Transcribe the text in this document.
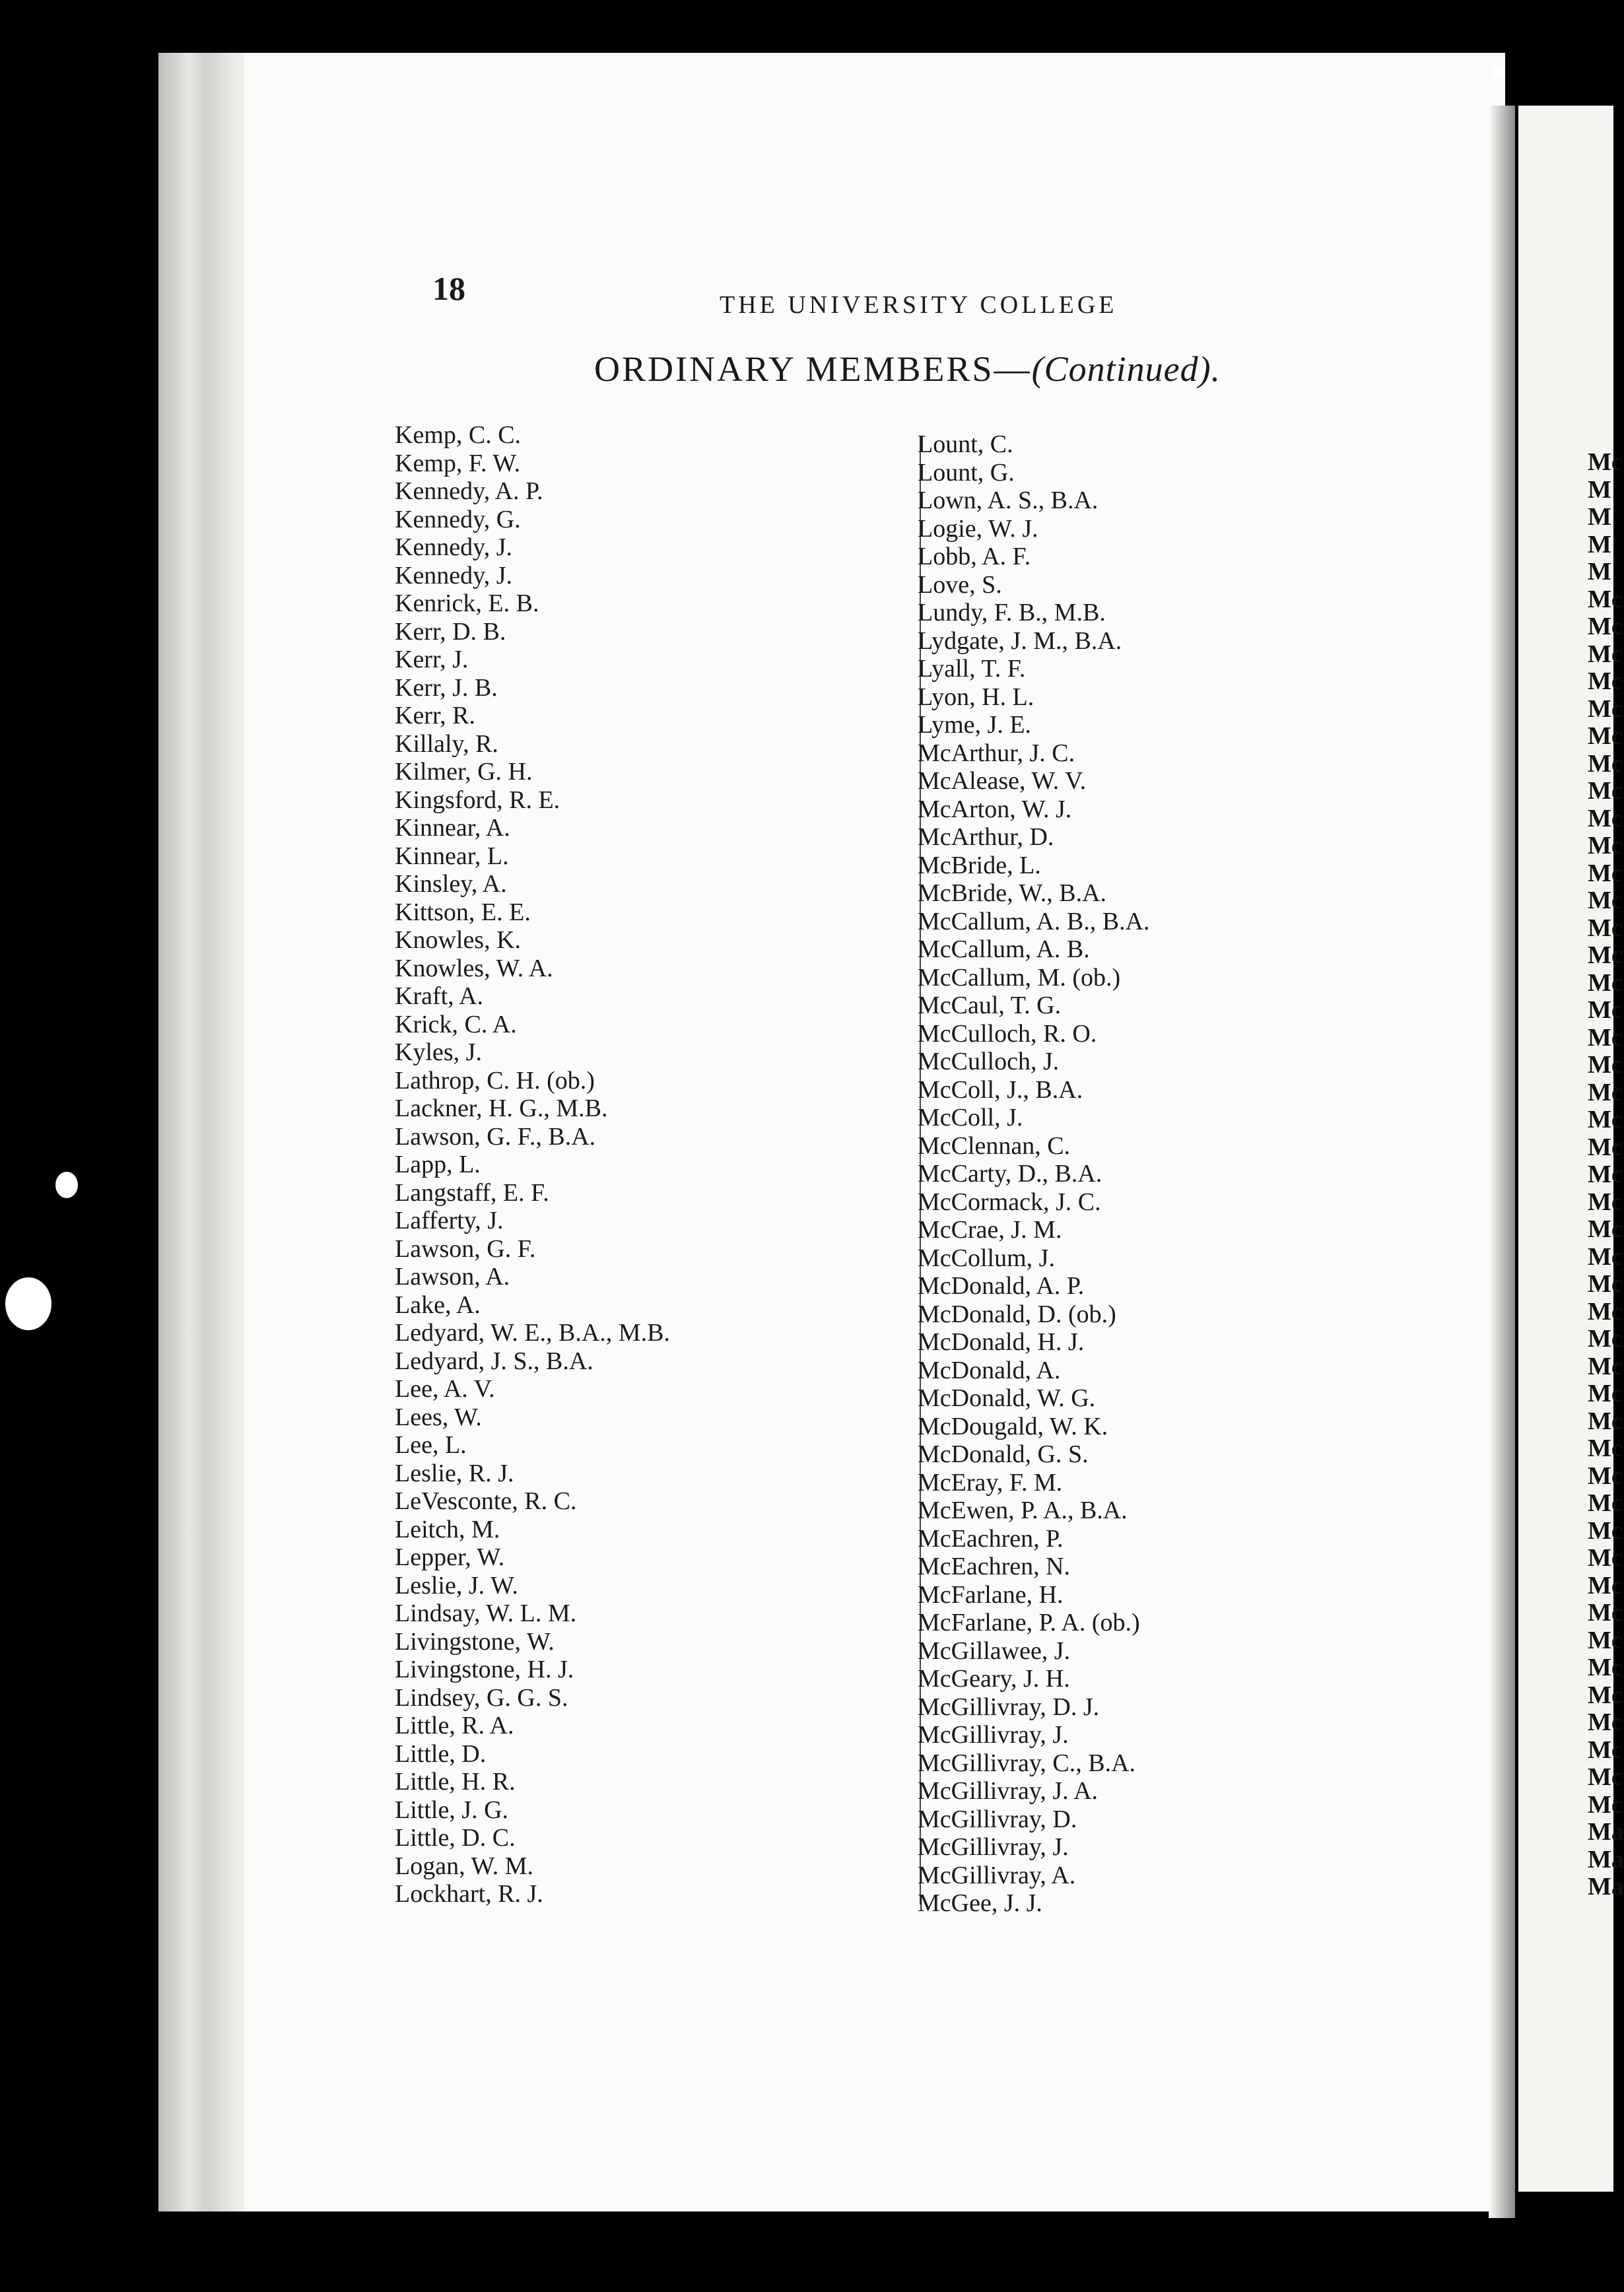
Mc
M
M
M
M
Mc
Mc
Mc
Mc
Mc
Mc
Mc
Mc
Mc
Mc
Mc
Mc
Mc
Mc
Mc
Mc
Mc
Mc
Mc
Mc
Mc
Mc
Mc
Mc
Mc
Mc
Mc
Mc
Mc
Mc
Mc
Mc
Mc
Mc
Mc
Mc
Mc
Mc
Mc
Mc
Mc
Mc
Mc
Mc
Mc
Ma
Ma
Ma
18	THE UNIVERSITY COLLEGE
ORDINARY MEMBERS—(Continued).
Kemp, C. C.
Kemp, F. W.
Kennedy, A. P.
Kennedy, G.
Kennedy, J.
Kennedy, J.
Kenrick, E. B.
Kerr, D. B.
Kerr, J.
Kerr, J. B.
Kerr, R.
Killaly, R.
Kilmer, G. H.
Kingsford, R. E.
Kinnear, A.
Kinnear, L.
Kinsley, A.
Kittson, E. E.
Knowles, K.
Knowles, W. A.
Kraft, A.
Krick, C. A.
Kyles, J.
Lathrop, C. H. (ob.)
Lackner, H. G., M.B.
Lawson, G. F., B.A.
Lapp, L.
Langstaff, E. F.
Lafferty, J.
Lawson, G. F.
Lawson, A.
Lake, A.
Ledyard, W. E., B.A., M.B.
Ledyard, J. S., B.A.
Lee, A. V.
Lees, W.
Lee, L.
Leslie, R. J.
LeVesconte, R. C.
Leitch, M.
Lepper, W.
Leslie, J. W.
Lindsay, W. L. M.
Livingstone, W.
Livingstone, H. J.
Lindsey, G. G. S.
Little, R. A.
Little, D.
Little, H. R.
Little, J. G.
Little, D. C.
Logan, W. M.
Lockhart, R. J.
Lount, C.
Lount, G.
Lown, A. S., B.A.
Logie, W. J.
Lobb, A. F.
Love, S.
Lundy, F. B., M.B.
Lydgate, J. M., B.A.
Lyall, T. F.
Lyon, H. L.
Lyme, J. E.
McArthur, J. C.
McAlease, W. V.
McArton, W. J.
McArthur, D.
McBride, L.
McBride, W., B.A.
McCallum, A. B., B.A.
McCallum, A. B.
McCallum, M. (ob.)
McCaul, T. G.
McCulloch, R. O.
McCulloch, J.
McColl, J., B.A.
McColl, J.
McClennan, C.
McCarty, D., B.A.
McCormack, J. C.
McCrae, J. M.
McCollum, J.
McDonald, A. P.
McDonald, D. (ob.)
McDonald, H. J.
McDonald, A.
McDonald, W. G.
McDougald, W. K.
McDonald, G. S.
McEray, F. M.
McEwen, P. A., B.A.
McEachren, P.
McEachren, N.
McFarlane, H.
McFarlane, P. A. (ob.)
McGillawee, J.
McGeary, J. H.
McGillivray, D. J.
McGillivray, J.
McGillivray, C., B.A.
McGillivray, J. A.
McGillivray, D.
McGillivray, J.
McGillivray, A.
McGee, J. J.
